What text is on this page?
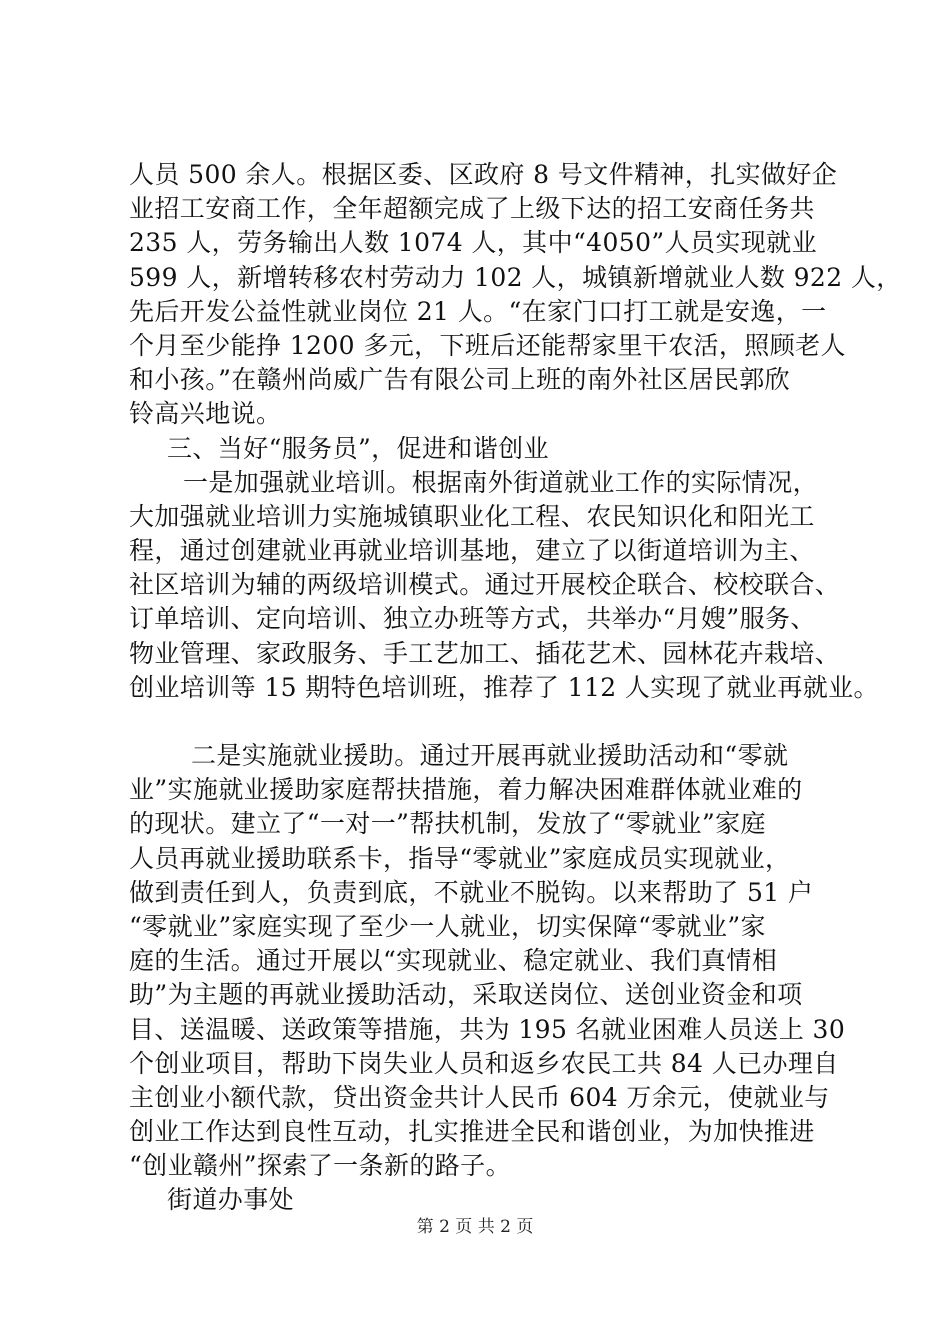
人员 500 余人。根据区委、区政府 8 号文件精神，扎实做好企
业招工安商工作，全年超额完成了上级下达的招工安商任务共
235 人，劳务输出人数 1074 人，其中“4050”人员实现就业
599 人，新增转移农村劳动力 102 人，城镇新增就业人数 922 人，
先后开发公益性就业岗位 21 人。“在家门口打工就是安逸，一
个月至少能挣 1200 多元，下班后还能帮家里干农活，照顾老人
和小孩。”在赣州尚威广告有限公司上班的南外社区居民郭欣
铃高兴地说。
三、当好“服务员”，促进和谐创业
一是加强就业培训。根据南外街道就业工作的实际情况，
大加强就业培训力实施城镇职业化工程、农民知识化和阳光工
程，通过创建就业再就业培训基地，建立了以街道培训为主、
社区培训为辅的两级培训模式。通过开展校企联合、校校联合、
订单培训、定向培训、独立办班等方式，共举办“月嫂”服务、
物业管理、家政服务、手工艺加工、插花艺术、园林花卉栽培、
创业培训等 15 期特色培训班，推荐了 112 人实现了就业再就业。
二是实施就业援助。通过开展再就业援助活动和“零就
业”实施就业援助家庭帮扶措施，着力解决困难群体就业难的
的现状。建立了“一对一”帮扶机制，发放了“零就业”家庭
人员再就业援助联系卡，指导“零就业”家庭成员实现就业，
做到责任到人，负责到底，不就业不脱钩。以来帮助了 51 户
“零就业”家庭实现了至少一人就业，切实保障“零就业”家
庭的生活。通过开展以“实现就业、稳定就业、我们真情相
助”为主题的再就业援助活动，采取送岗位、送创业资金和项
目、送温暖、送政策等措施，共为 195 名就业困难人员送上 30
个创业项目，帮助下岗失业人员和返乡农民工共 84 人已办理自
主创业小额代款，贷出资金共计人民币 604 万余元，使就业与
创业工作达到良性互动，扎实推进全民和谐创业，为加快推进
“创业赣州”探索了一条新的路子。
街道办事处
第 2 页 共 2 页
